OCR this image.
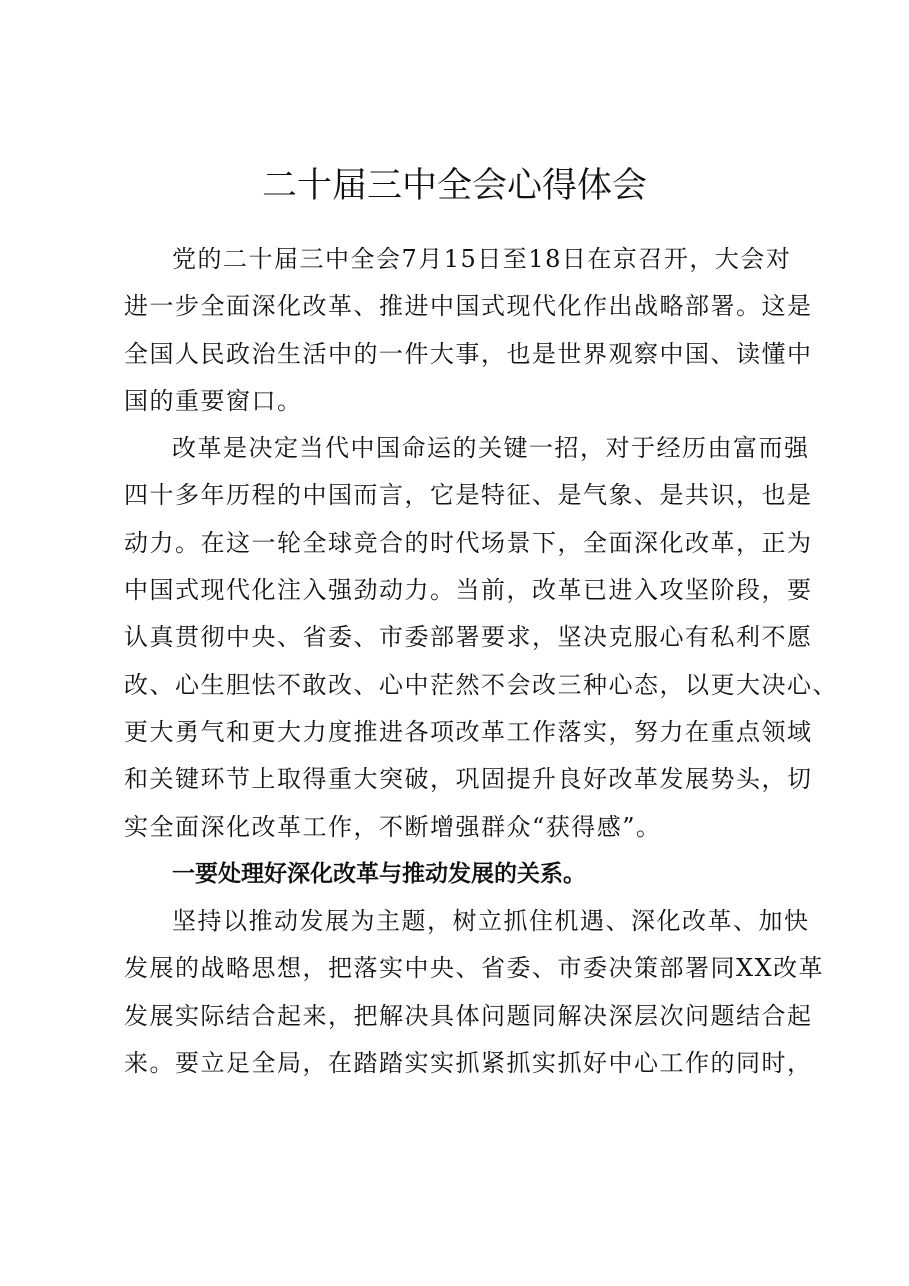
二十届三中全会心得体会

党的二十届三中全会7月15日至18日在京召开，大会对
进一步全面深化改革、推进中国式现代化作出战略部署。这是
全国人民政治生活中的一件大事，也是世界观察中国、读懂中
国的重要窗口。

改革是决定当代中国命运的关键一招，对于经历由富而强
四十多年历程的中国而言，它是特征、是气象、是共识，也是
动力。在这一轮全球竞合的时代场景下，全面深化改革，正为
中国式现代化注入强劲动力。当前，改革已进入攻坚阶段，要
认真贯彻中央、省委、市委部署要求，坚决克服心有私利不愿
改、心生胆怯不敢改、心中茫然不会改三种心态，以更大决心、
更大勇气和更大力度推进各项改革工作落实，努力在重点领域
和关键环节上取得重大突破，巩固提升良好改革发展势头，切
实全面深化改革工作，不断增强群众“获得感”。

一要处理好深化改革与推动发展的关系。

坚持以推动发展为主题，树立抓住机遇、深化改革、加快
发展的战略思想，把落实中央、省委、市委决策部署同XX改革
发展实际结合起来，把解决具体问题同解决深层次问题结合起
来。要立足全局，在踏踏实实抓紧抓实抓好中心工作的同时，
